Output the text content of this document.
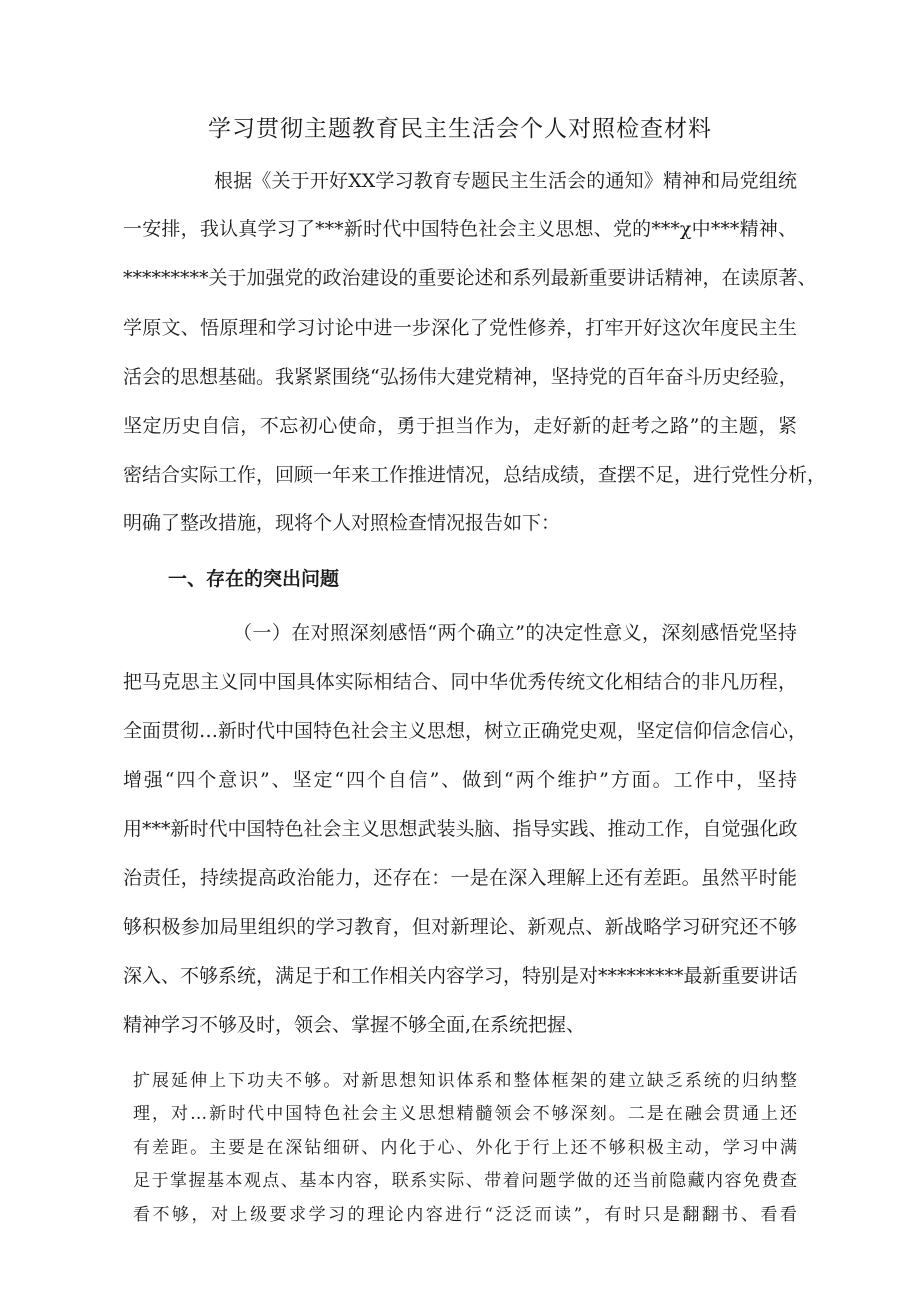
学习贯彻主题教育民主生活会个人对照检查材料

根据《关于开好XX学习教育专题民主生活会的通知》精神和局党组统

一安排，我认真学习了***新时代中国特色社会主义思想、党的***χ中***精神、

*********关于加强党的政治建设的重要论述和系列最新重要讲话精神，在读原著、

学原文、悟原理和学习讨论中进一步深化了党性修养，打牢开好这次年度民主生

活会的思想基础。我紧紧围绕“弘扬伟大建党精神，坚持党的百年奋斗历史经验，

坚定历史自信，不忘初心使命，勇于担当作为，走好新的赶考之路”的主题，紧

密结合实际工作，回顾一年来工作推进情况，总结成绩，查摆不足，进行党性分析，

明确了整改措施，现将个人对照检查情况报告如下：

一、存在的突出问题

（一）在对照深刻感悟“两个确立”的决定性意义，深刻感悟党坚持

把马克思主义同中国具体实际相结合、同中华优秀传统文化相结合的非凡历程，

全面贯彻…新时代中国特色社会主义思想，树立正确党史观，坚定信仰信念信心，

增强“四个意识”、坚定“四个自信”、做到“两个维护”方面。工作中，坚持

用***新时代中国特色社会主义思想武装头脑、指导实践、推动工作，自觉强化政

治责任，持续提高政治能力，还存在：一是在深入理解上还有差距。虽然平时能

够积极参加局里组织的学习教育，但对新理论、新观点、新战略学习研究还不够

深入、不够系统，满足于和工作相关内容学习，特别是对*********最新重要讲话

精神学习不够及时，领会、掌握不够全面,在系统把握、

扩展延伸上下功夫不够。对新思想知识体系和整体框架的建立缺乏系统的归纳整

理，对…新时代中国特色社会主义思想精髓领会不够深刻。二是在融会贯通上还

有差距。主要是在深钻细研、内化于心、外化于行上还不够积极主动，学习中满

足于掌握基本观点、基本内容，联系实际、带着问题学做的还当前隐藏内容免费查

看不够，对上级要求学习的理论内容进行“泛泛而读”，有时只是翻翻书、看看
